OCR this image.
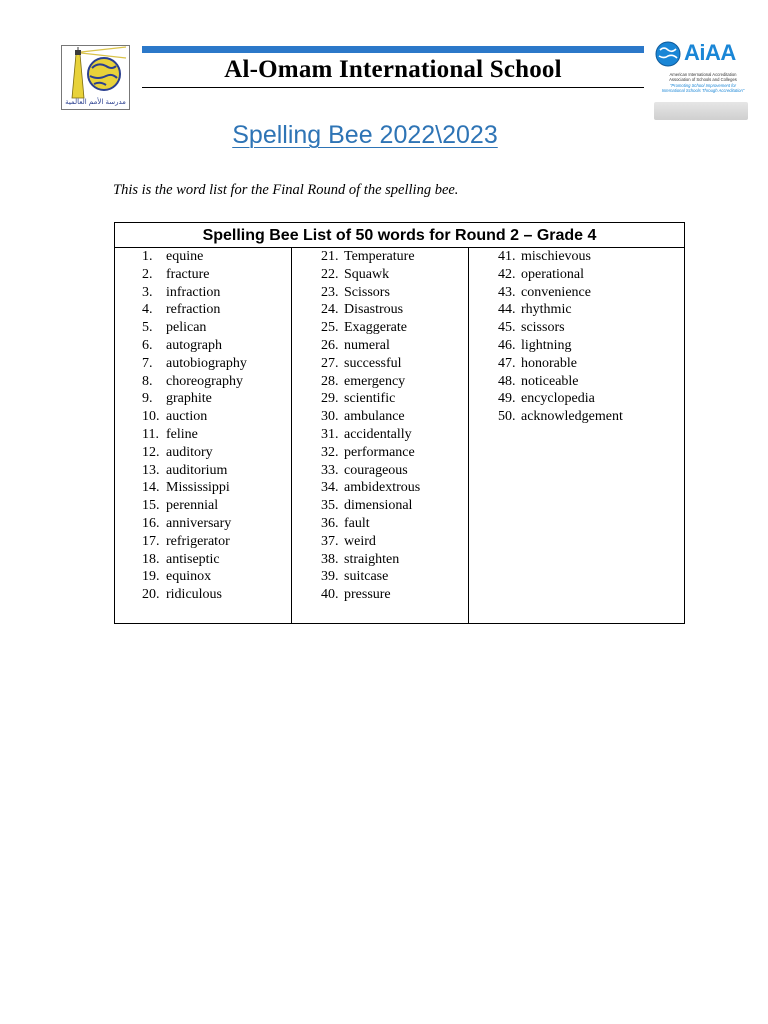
مدرسة الأمم العالمية
Al-Omam International School
AiAA
American International Accreditation Association of Schools and Colleges
"Promoting School Improvement for International Schools Through Accreditation"
Spelling Bee 2022\2023
This is the word list for the Final Round of the spelling bee.
Spelling Bee List of 50 words for Round 2 – Grade 4
1. equine
2. fracture
3. infraction
4. refraction
5. pelican
6. autograph
7. autobiography
8. choreography
9. graphite
10. auction
11. feline
12. auditory
13. auditorium
14. Mississippi
15. perennial
16. anniversary
17. refrigerator
18. antiseptic
19. equinox
20. ridiculous
21. Temperature
22. Squawk
23. Scissors
24. Disastrous
25. Exaggerate
26. numeral
27. successful
28. emergency
29. scientific
30. ambulance
31. accidentally
32. performance
33. courageous
34. ambidextrous
35. dimensional
36. fault
37. weird
38. straighten
39. suitcase
40. pressure
41. mischievous
42. operational
43. convenience
44. rhythmic
45. scissors
46. lightning
47. honorable
48. noticeable
49. encyclopedia
50. acknowledgement
